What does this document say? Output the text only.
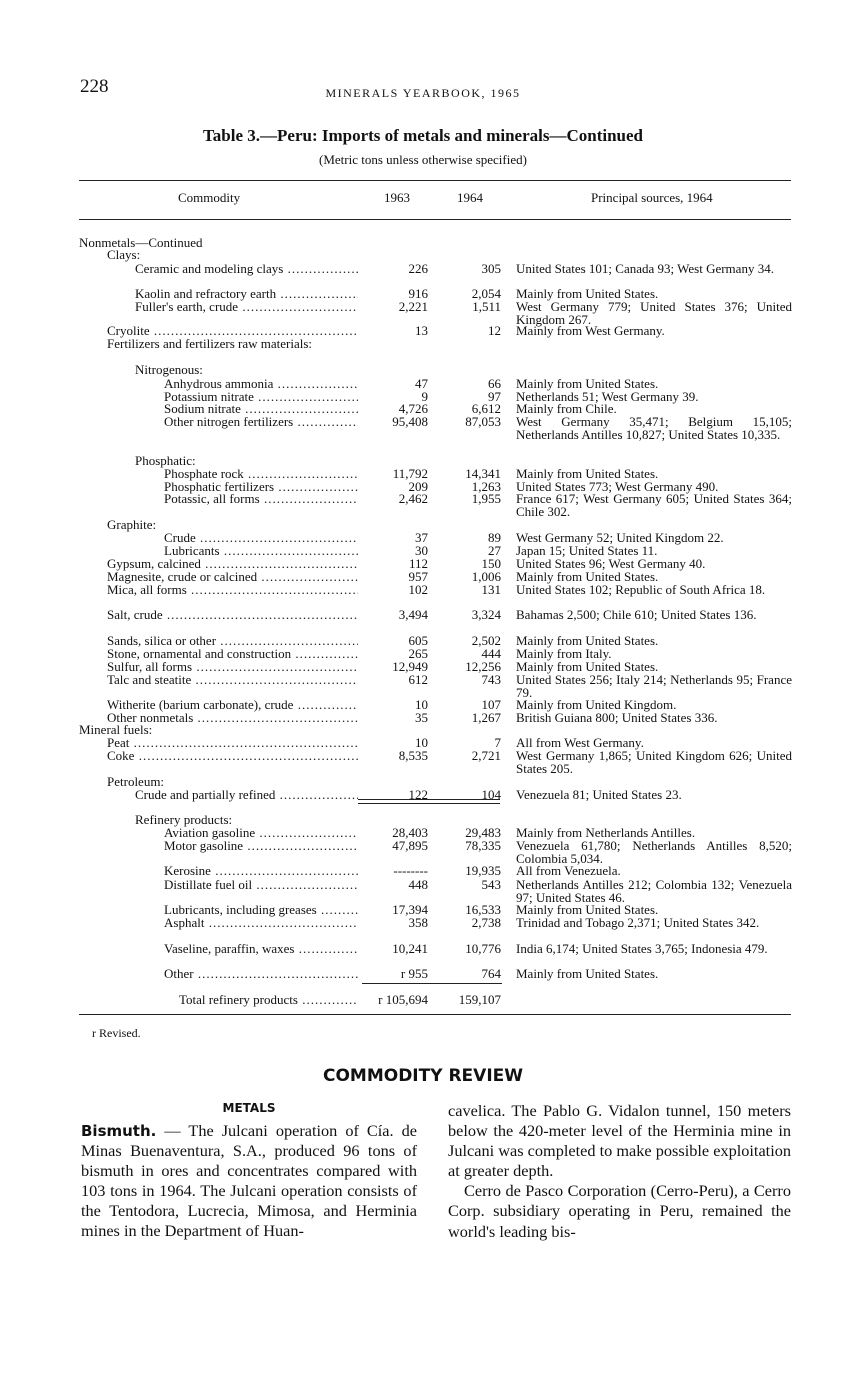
228	MINERALS YEARBOOK, 1965
Table 3.—Peru: Imports of metals and minerals—Continued
(Metric tons unless otherwise specified)
Commodity	1963	1964	Principal sources, 1964
Nonmetals—Continued
Clays:
Ceramic and modeling clays .....	226	305 United States 101; Canada 93; West Germany 34.
Kaolin and refractory earth .....	916	2,054 Mainly from United States.
Fuller's earth, crude .....	2,221	1,511 West Germany 779; United States 376; United Kingdom 267.
Cryolite .....	13	12 Mainly from West Germany.
Fertilizers and fertilizers raw materials:
Nitrogenous:
Anhydrous ammonia .....	47	66 Mainly from United States.
Potassium nitrate .....	9	97 Netherlands 51; West Germany 39.
Sodium nitrate .....	4,726	6,612 Mainly from Chile.
Other nitrogen fertilizers .....	95,408	87,053 West Germany 35,471; Belgium 15,105; Netherlands Antilles 10,827; United States 10,335.
Phosphatic:
Phosphate rock .....	11,792	14,341 Mainly from United States.
Phosphatic fertilizers .....	209	1,263 United States 773; West Germany 490.
Potassic, all forms .....	2,462	1,955 France 617; West Germany 605; United States 364; Chile 302.
Graphite:
Crude .....	37	89 West Germany 52; United Kingdom 22.
Lubricants .....	30	27 Japan 15; United States 11.
Gypsum, calcined .....	112	150 United States 96; West Germany 40.
Magnesite, crude or calcined .....	957	1,006 Mainly from United States.
Mica, all forms .....	102	131 United States 102; Republic of South Africa 18.
Salt, crude .....	3,494	3,324 Bahamas 2,500; Chile 610; United States 136.
Sands, silica or other .....	605	2,502 Mainly from United States.
Stone, ornamental and construction .....	265	444 Mainly from Italy.
Sulfur, all forms .....	12,949	12,256 Mainly from United States.
Talc and steatite .....	612	743 United States 256; Italy 214; Netherlands 95; France 79.
Witherite (barium carbonate), crude .....	10	107 Mainly from United Kingdom.
Other nonmetals .....	35	1,267 British Guiana 800; United States 336.
Mineral fuels:
Peat .....	10	7 All from West Germany.
Coke .....	8,535	2,721 West Germany 1,865; United Kingdom 626; United States 205.
Petroleum:
Crude and partially refined .....	122	104 Venezuela 81; United States 23.
Refinery products:
Aviation gasoline .....	28,403	29,483 Mainly from Netherlands Antilles.
Motor gasoline .....	47,895	78,335 Venezuela 61,780; Netherlands Antilles 8,520; Colombia 5,034.
Kerosine .....	--------	19,935 All from Venezuela.
Distillate fuel oil .....	448	543 Netherlands Antilles 212; Colombia 132; Venezuela 97; United States 46.
Lubricants, including greases .....	17,394	16,533 Mainly from United States.
Asphalt .....	358	2,738 Trinidad and Tobago 2,371; United States 342.
Vaseline, paraffin, waxes .....	10,241	10,776 India 6,174; United States 3,765; Indonesia 479.
Other .....	r 955	764 Mainly from United States.
Total refinery products .....	r 105,694	159,107
r Revised.
COMMODITY REVIEW
METALS
Bismuth. — The Julcani operation of Cía. de Minas Buenaventura, S.A., produced 96 tons of bismuth in ores and concentrates compared with 103 tons in 1964. The Julcani operation consists of the Tentodora, Lucrecia, Mimosa, and Herminia mines in the Department of Huan-
cavelica. The Pablo G. Vidalon tunnel, 150 meters below the 420-meter level of the Herminia mine in Julcani was completed to make possible exploitation at greater depth.
Cerro de Pasco Corporation (Cerro-Peru), a Cerro Corp. subsidiary operating in Peru, remained the world's leading bis-
